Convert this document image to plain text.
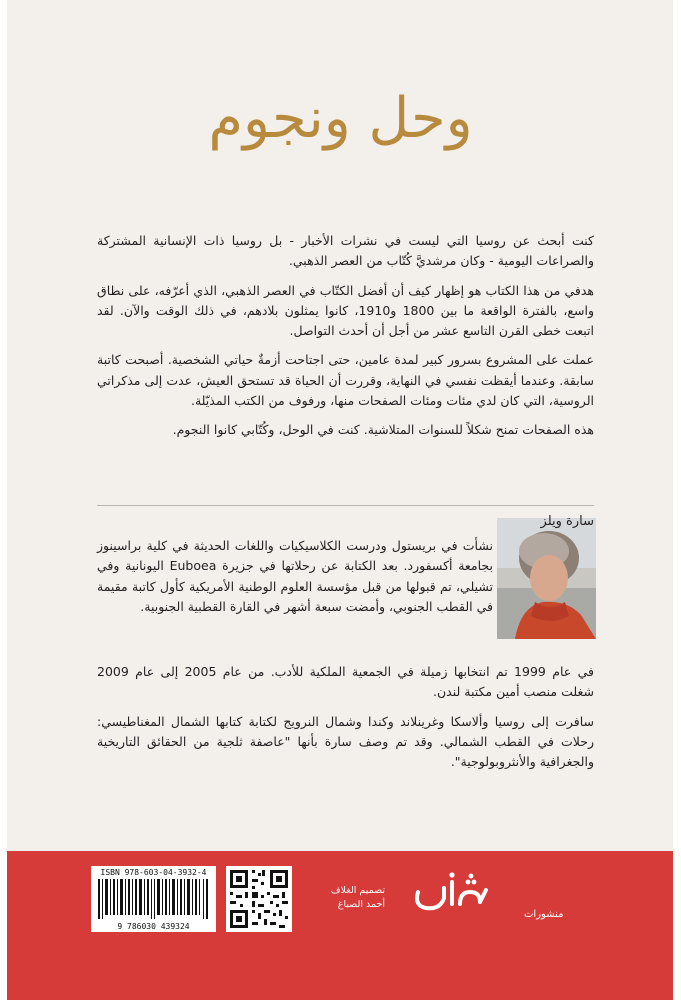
وحل ونجوم

كنت أبحث عن روسيا التي ليست في نشرات الأخبار - بل روسيا ذات الإنسانية المشتركة والصراعات اليومية - وكان مرشديَّ كُتّاب من العصر الذهبي.

هدفي من هذا الكتاب هو إظهار كيف أن أفضل الكتّاب في العصر الذهبي، الذي أعرّفه، على نطاق واسع، بالفترة الواقعة ما بين 1800 و1910، كانوا يمثلون بلادهم، في ذلك الوقت والآن. لقد اتبعت خطى القرن التاسع عشر من أجل أن أحدث التواصل.

عملت على المشروع بسرور كبير لمدة عامين، حتى اجتاحت أزمةٌ حياتي الشخصية. أصبحت كاتبة سابقة. وعندما أيقظت نفسي في النهاية، وقررت أن الحياة قد تستحق العيش، عدت إلى مذكراتي الروسية، التي كان لدي مئات ومئات الصفحات منها، ورفوف من الكتب المذيّلة.

هذه الصفحات تمنح شكلاً للسنوات المتلاشية. كنت في الوحل، وكُتّابي كانوا النجوم.

سارة ويلز

نشأت في بريستول ودرست الكلاسيكيات واللغات الحديثة في كلية براسينوز بجامعة أكسفورد. بعد الكتابة عن رحلاتها في جزيرة Euboea اليونانية وفي تشيلي، تم قبولها من قبل مؤسسة العلوم الوطنية الأمريكية كأول كاتبة مقيمة في القطب الجنوبي، وأمضت سبعة أشهر في القارة القطبية الجنوبية.

في عام 1999 تم انتخابها زميلة في الجمعية الملكية للأدب. من عام 2005 إلى عام 2009 شغلت منصب أمين مكتبة لندن.

سافرت إلى روسيا وألاسكا وغرينلاند وكندا وشمال النرويج لكتابة كتابها الشمال المغناطيسي: رحلات في القطب الشمالي. وقد تم وصف سارة بأنها "عاصفة ثلجية من الحقائق التاريخية والجغرافية والأنثروبولوجية".

ISBN 978-603-04-3932-4
9 786030 439324
تصميم الغلاف
أحمد الصباغ
منشورات
